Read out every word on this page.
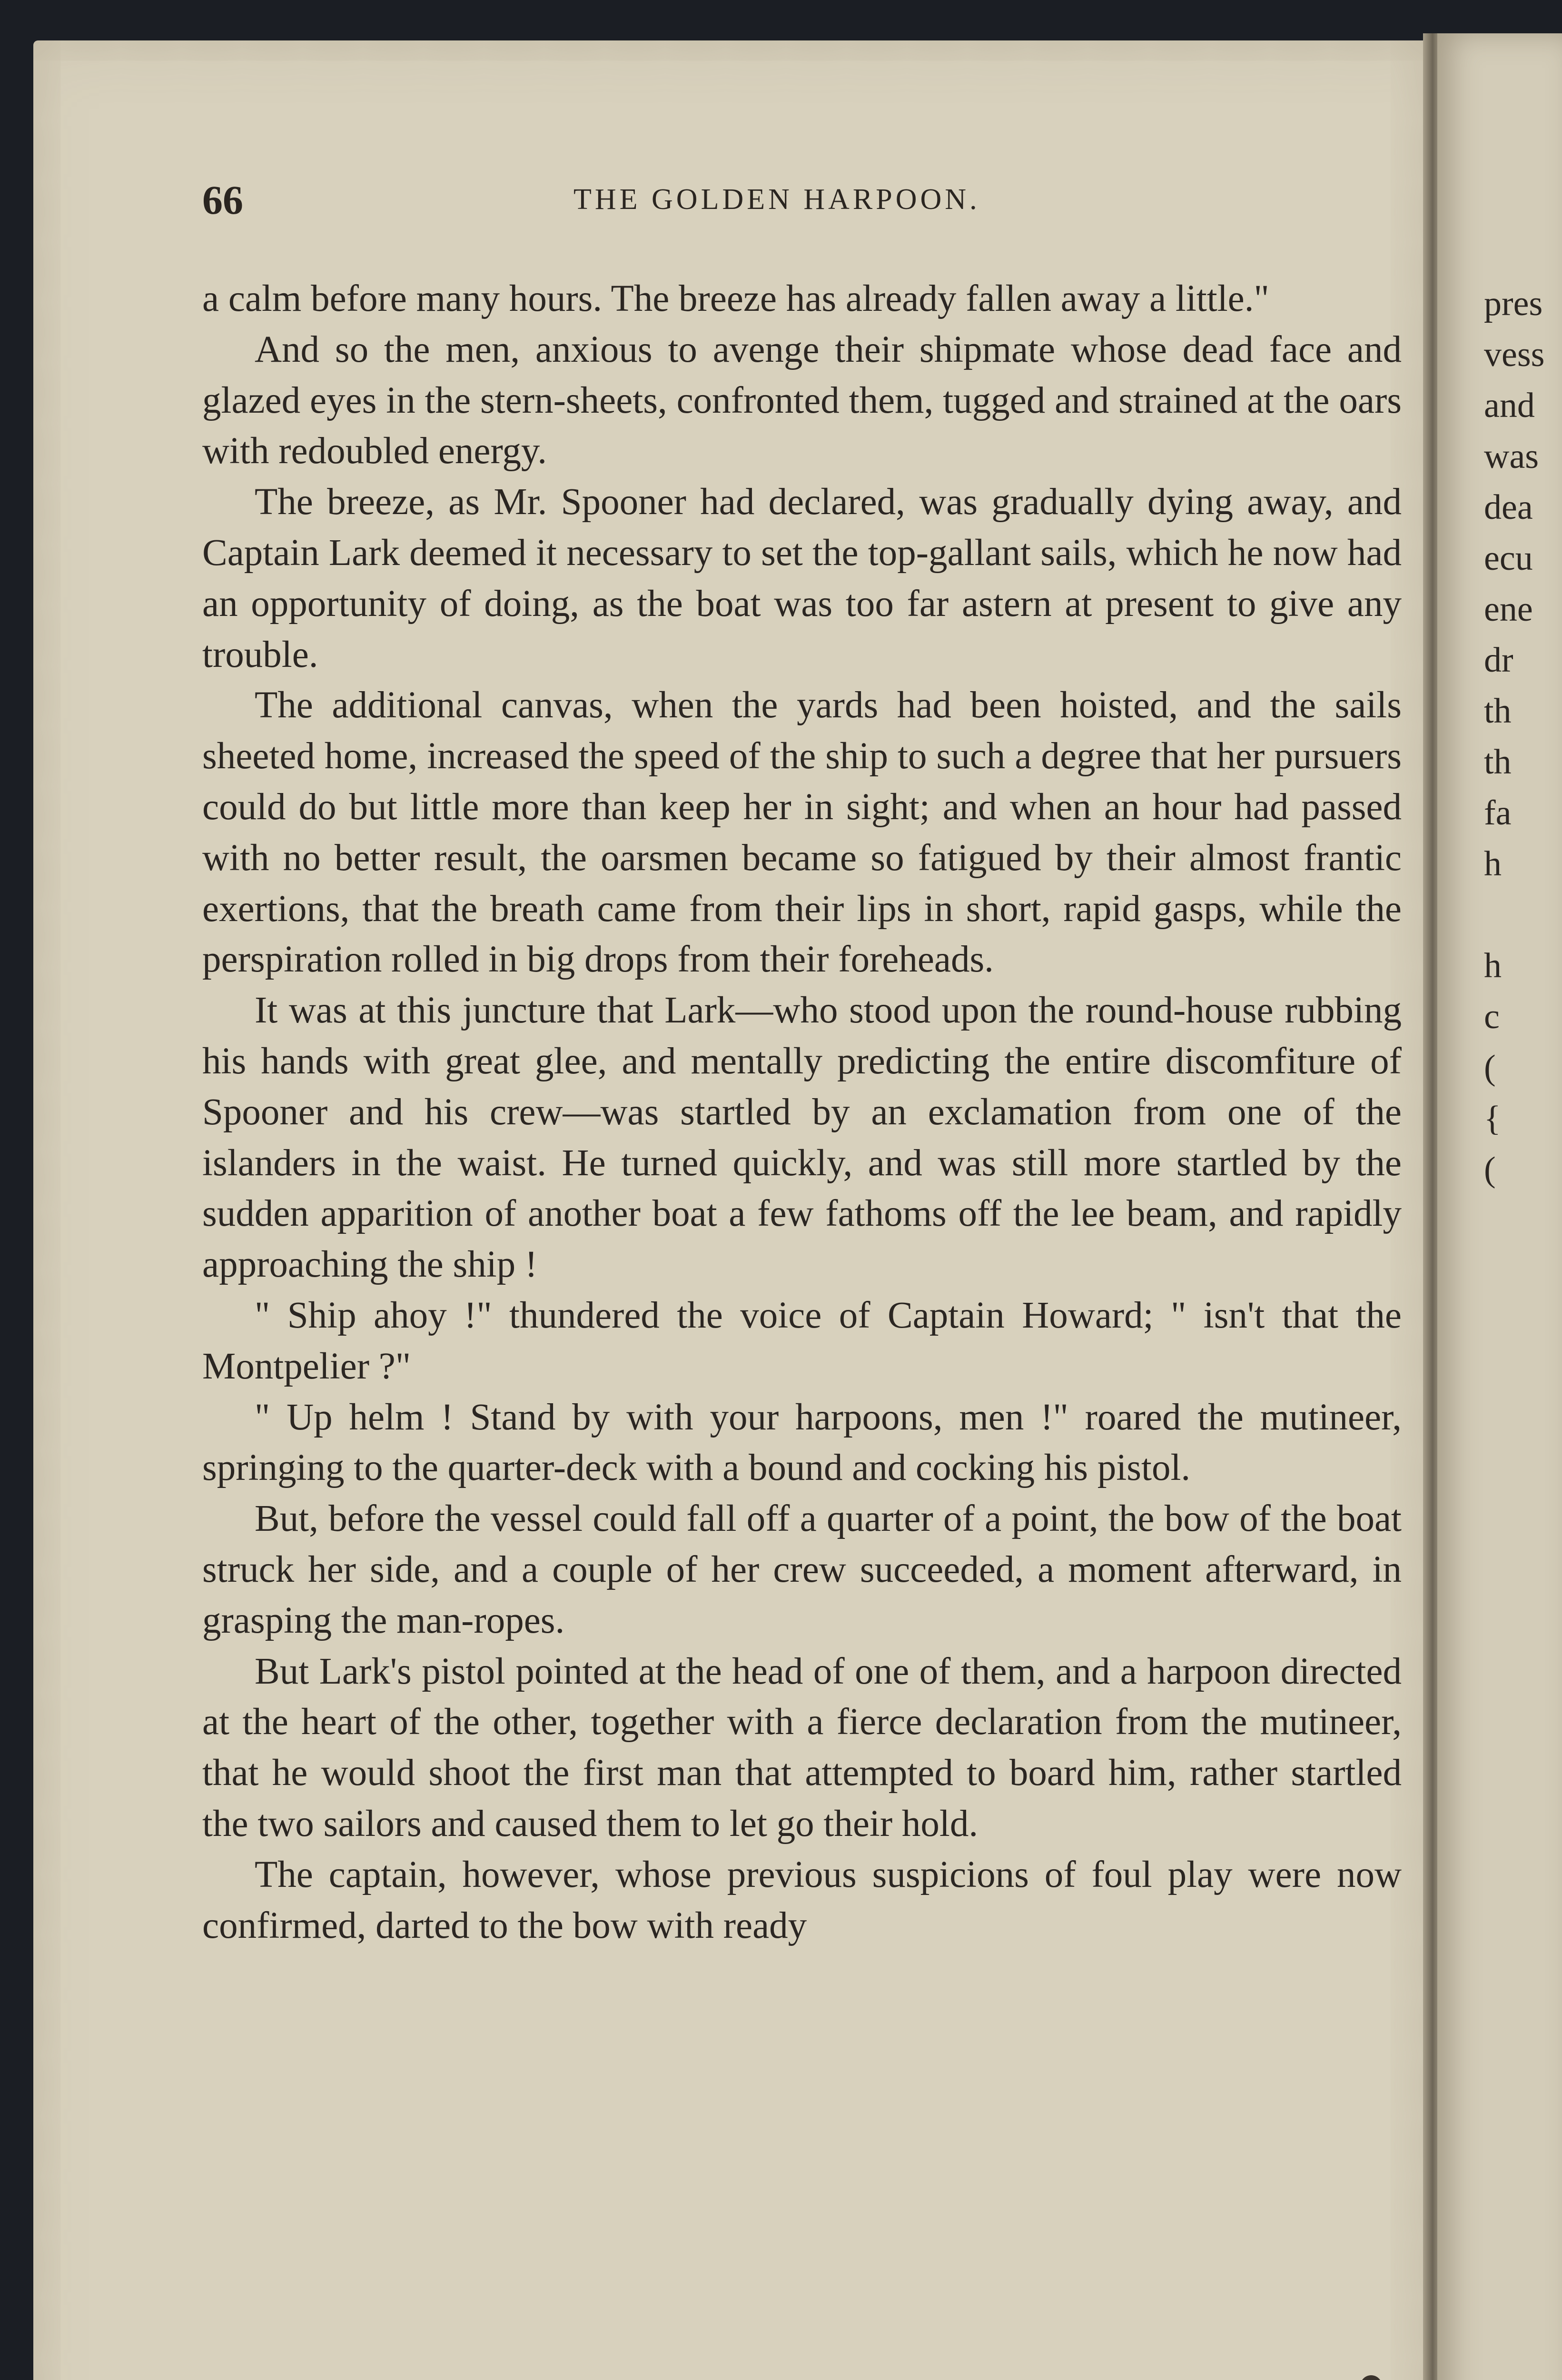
66	THE GOLDEN HARPOON.

a calm before many hours. The breeze has already fallen away a little."

And so the men, anxious to avenge their shipmate whose dead face and glazed eyes in the stern-sheets, confronted them, tugged and strained at the oars with redoubled energy.

The breeze, as Mr. Spooner had declared, was gradually dying away, and Captain Lark deemed it necessary to set the top-gallant sails, which he now had an opportunity of doing, as the boat was too far astern at present to give any trouble.

The additional canvas, when the yards had been hoisted, and the sails sheeted home, increased the speed of the ship to such a degree that her pursuers could do but little more than keep her in sight; and when an hour had passed with no better result, the oarsmen became so fatigued by their almost frantic exertions, that the breath came from their lips in short, rapid gasps, while the perspiration rolled in big drops from their foreheads.

It was at this juncture that Lark—who stood upon the round-house rubbing his hands with great glee, and mentally predicting the entire discomfiture of Spooner and his crew—was startled by an exclamation from one of the islanders in the waist. He turned quickly, and was still more startled by the sudden apparition of another boat a few fathoms off the lee beam, and rapidly approaching the ship !

" Ship ahoy !" thundered the voice of Captain Howard; " isn't that the Montpelier ?"

" Up helm ! Stand by with your harpoons, men !" roared the mutineer, springing to the quarter-deck with a bound and cocking his pistol.

But, before the vessel could fall off a quarter of a point, the bow of the boat struck her side, and a couple of her crew succeeded, a moment afterward, in grasping the man-ropes.

But Lark's pistol pointed at the head of one of them, and a harpoon directed at the heart of the other, together with a fierce declaration from the mutineer, that he would shoot the first man that attempted to board him, rather startled the two sailors and caused them to let go their hold.

The captain, however, whose previous suspicions of foul play were now confirmed, darted to the bow with ready

pres
vess
and
was
dea
ecu
ene
dr
th
th
fa
h
h
c
(
{
(
